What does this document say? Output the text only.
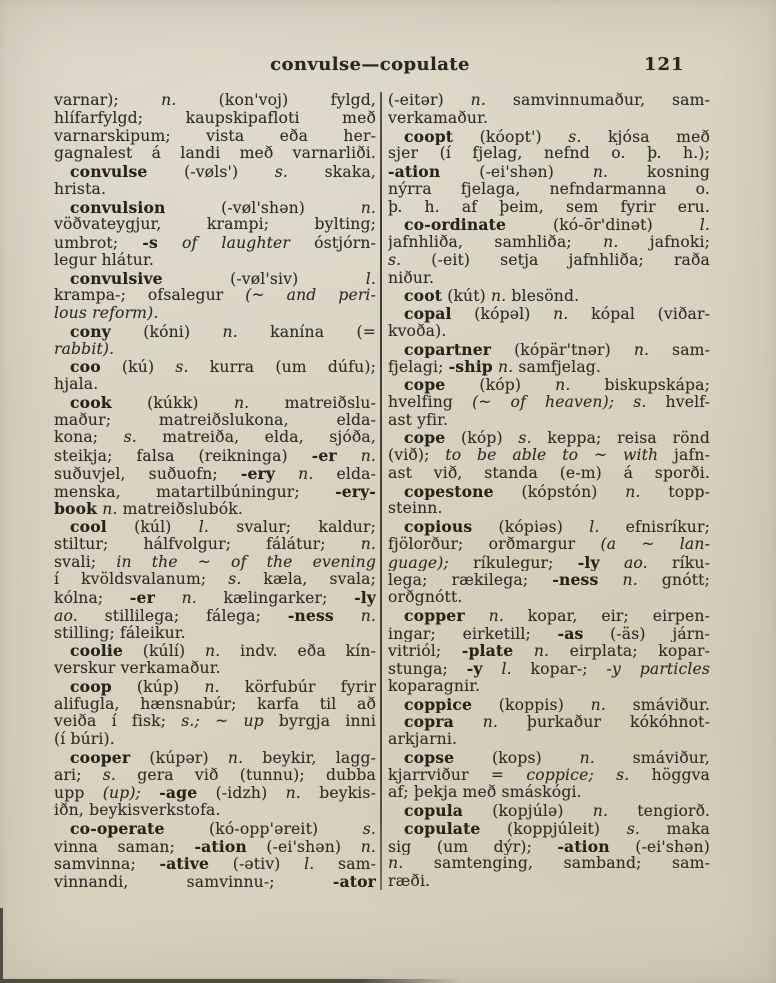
convulse—copulate	121
varnar); n. (kon'voj) fylgd,
hlífarfylgd; kaupskipafloti með
varnarskipum; vista eða her-
gagnalest á landi með varnarliði.
convulse (-vøls') s. skaka,
hrista.
convulsion (-vøl'shən) n.
vöðvateygjur, krampi; bylting;
umbrot; -s of laughter óstjórn-
legur hlátur.
convulsive (-vøl'siv) l.
krampa-; ofsalegur (~ and peri-
lous reform).
cony (kóni) n. kanína (=
rabbit).
coo (kú) s. kurra (um dúfu);
hjala.
cook (kúkk) n. matreiðslu-
maður; matreiðslukona, elda-
kona; s. matreiða, elda, sjóða,
steikja; falsa (reikninga) -er n.
suðuvjel, suðuofn; -ery n. elda-
menska, matartilbúningur; -ery-
book n. matreiðslubók.
cool (kúl) l. svalur; kaldur;
stiltur; hálfvolgur; fálátur; n.
svali; in the ~ of the evening
í kvöldsvalanum; s. kæla, svala;
kólna; -er n. kælingarker; -ly
ao. stillilega; fálega; -ness n.
stilling; fáleikur.
coolie (kúlí) n. indv. eða kín-
verskur verkamaður.
coop (kúp) n. körfubúr fyrir
alifugla, hænsnabúr; karfa til að
veiða í fisk; s.; ~ up byrgja inni
(í búri).
cooper (kúpər) n. beykir, lagg-
ari; s. gera við (tunnu); dubba
upp (up); -age (-idzh) n. beykis-
iðn, beykisverkstofa.
co-operate (kó-opp'əreit) s.
vinna saman; -ation (-ei'shən) n.
samvinna; -ative (-ətiv) l. sam-
vinnandi, samvinnu-; -ator
(-eitər) n. samvinnumaður, sam-
verkamaður.
coopt (kóopt') s. kjósa með
sjer (í fjelag, nefnd o. þ. h.);
-ation (-ei'shən) n. kosning
nýrra fjelaga, nefndarmanna o.
þ. h. af þeim, sem fyrir eru.
co-ordinate (kó-ōr'dinət) l.
jafnhliða, samhliða; n. jafnoki;
s. (-eit) setja jafnhliða; raða
niður.
coot (kút) n. blesönd.
copal (kópəl) n. kópal (viðar-
kvoða).
copartner (kópär'tnər) n. sam-
fjelagi; -ship n. samfjelag.
cope (kóp) n. biskupskápa;
hvelfing (~ of heaven); s. hvelf-
ast yfir.
cope (kóp) s. keppa; reisa rönd
(við); to be able to ~ with jafn-
ast við, standa (e-m) á sporði.
copestone (kópstón) n. topp-
steinn.
copious (kópiəs) l. efnisríkur;
fjölorður; orðmargur (a ~ lan-
guage); ríkulegur; -ly ao. ríku-
lega; rækilega; -ness n. gnótt;
orðgnótt.
copper n. kopar, eir; eirpen-
ingar; eirketill; -as (-äs) járn-
vitriól; -plate n. eirplata; kopar-
stunga; -y l. kopar-; -y particles
koparagnir.
coppice (koppis) n. smáviður.
copra n. þurkaður kókóhnot-
arkjarni.
copse (kops) n. smáviður,
kjarrviður = coppice; s. höggva
af; þekja með smáskógi.
copula (kopjúlə) n. tengiorð.
copulate (koppjúleit) s. maka
sig (um dýr); -ation (-ei'shən)
n. samtenging, samband; sam-
ræði.
